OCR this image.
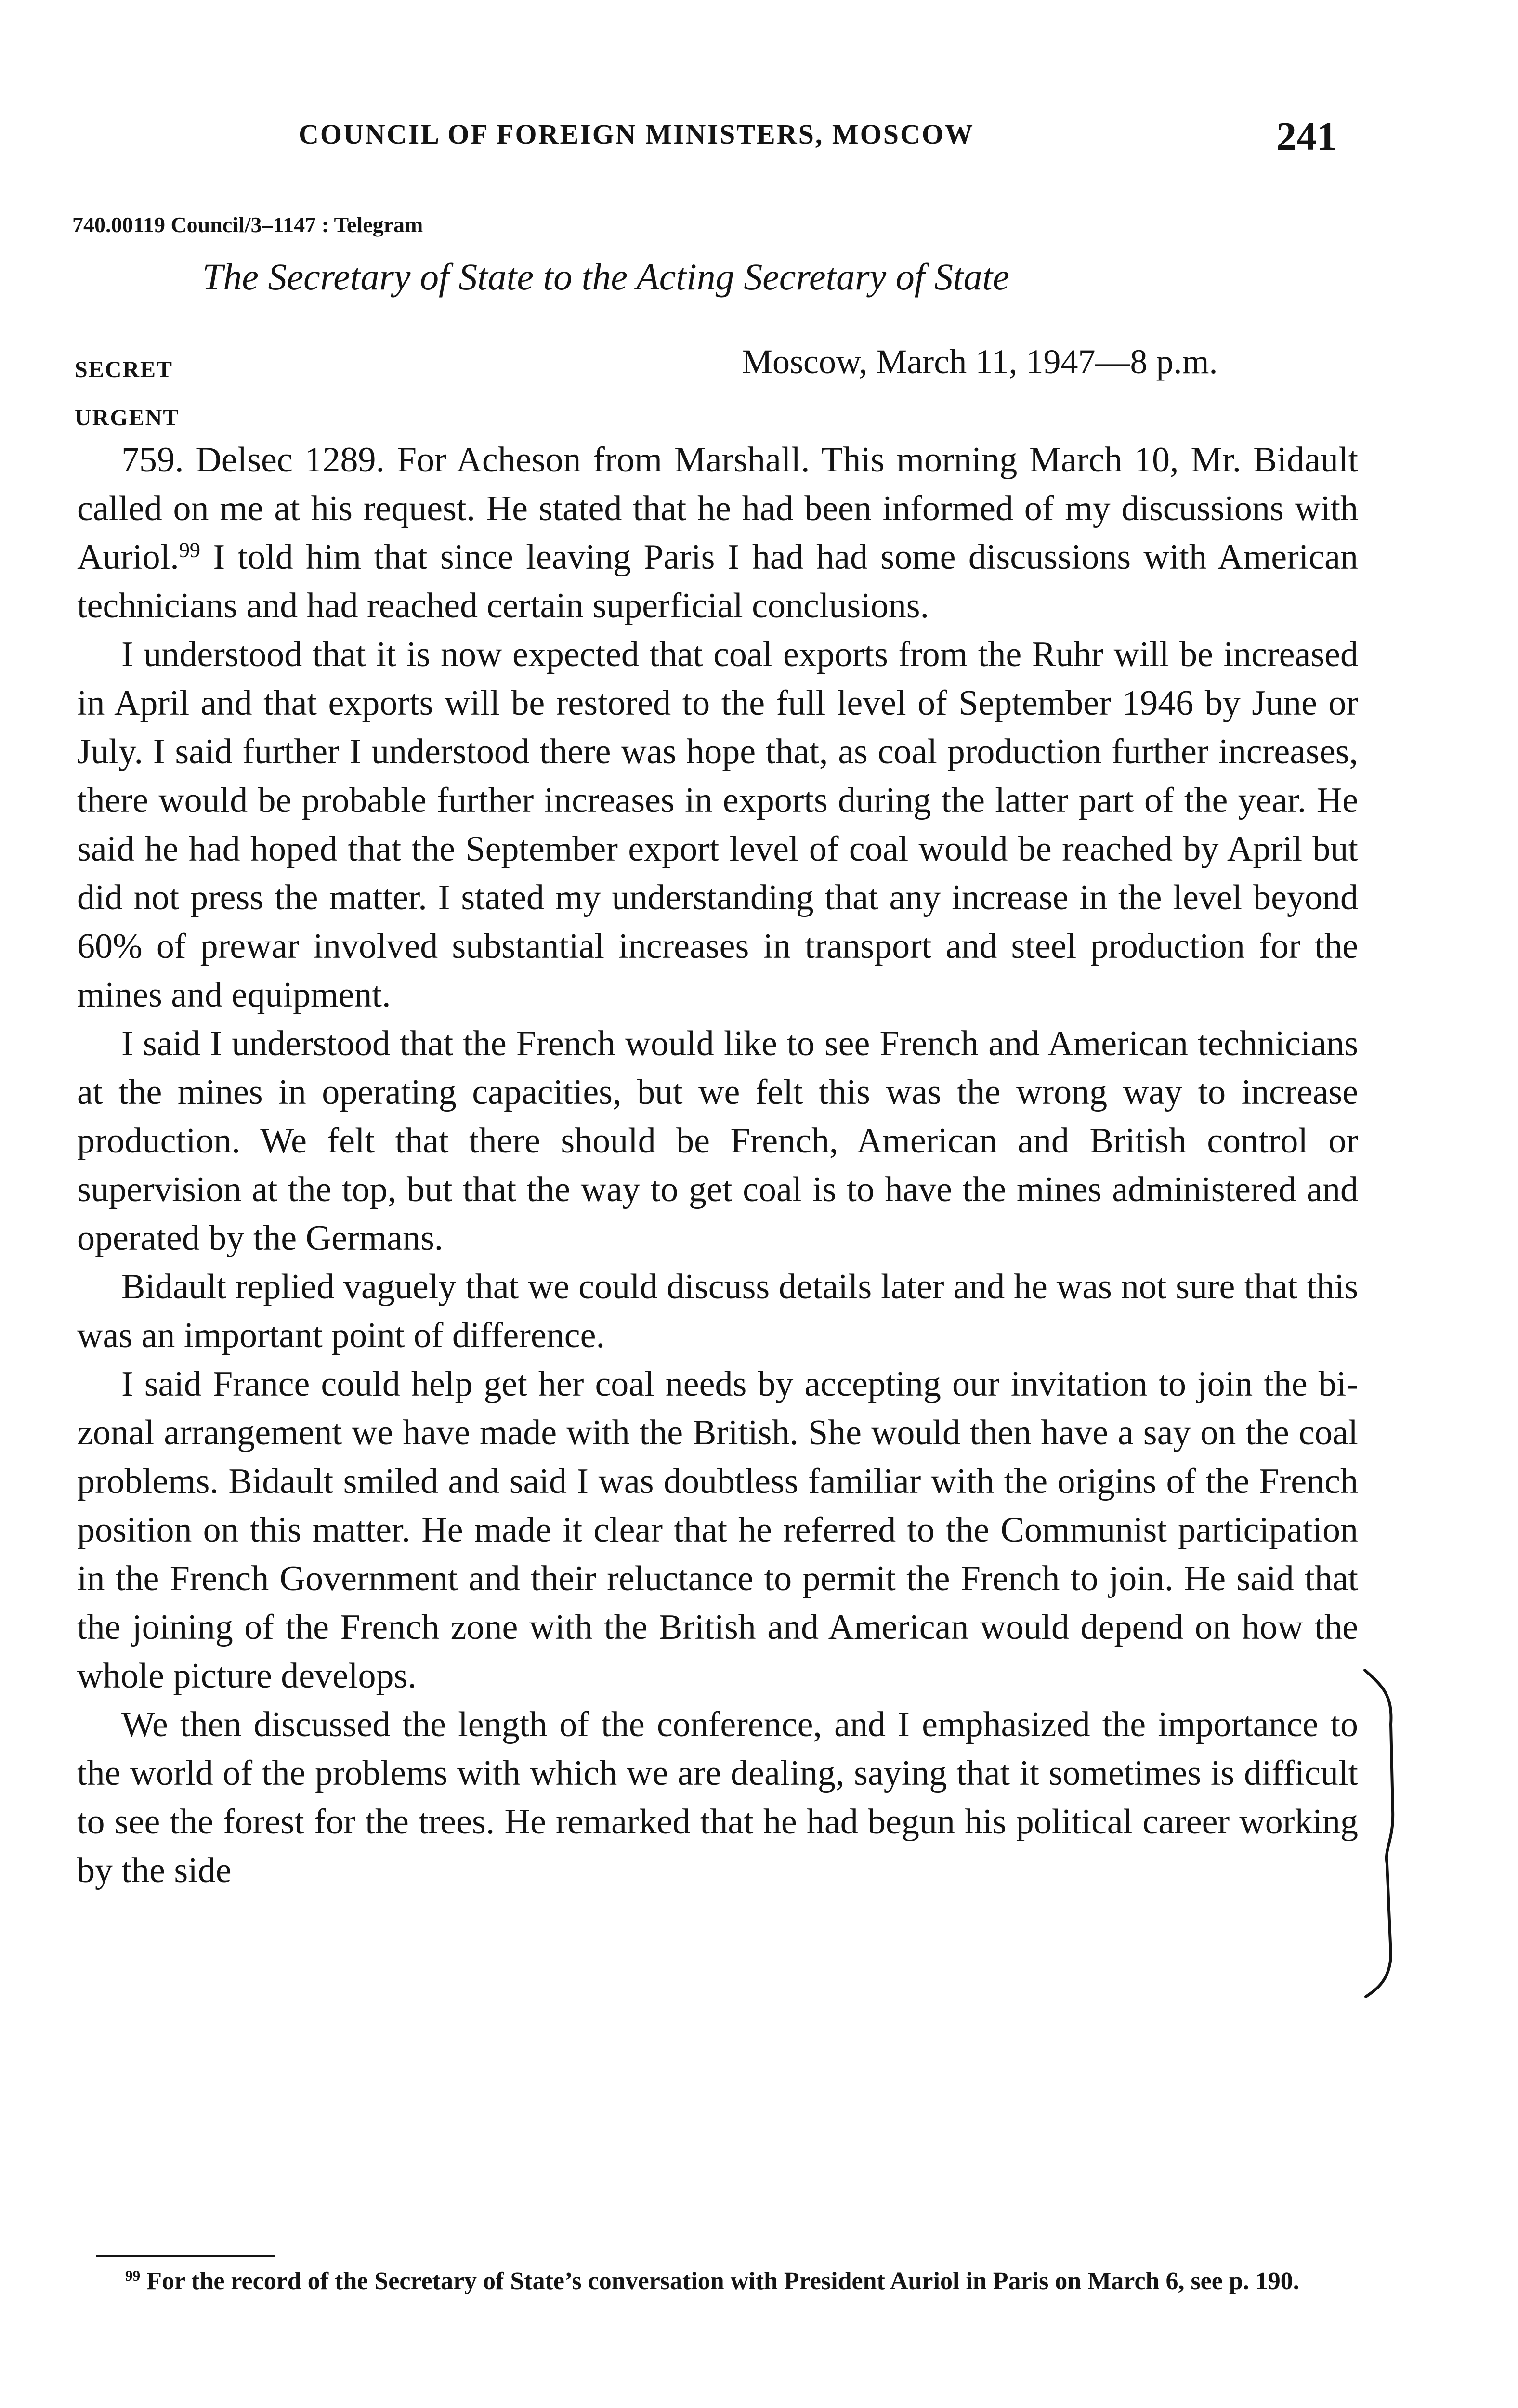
COUNCIL OF FOREIGN MINISTERS, MOSCOW	241
740.00119 Council/3–1147 : Telegram
The Secretary of State to the Acting Secretary of State
SECRET	Moscow, March 11, 1947—8 p.m.
URGENT

759. Delsec 1289. For Acheson from Marshall. This morning March 10, Mr. Bidault called on me at his request. He stated that he had been informed of my discussions with Auriol.$^{99}$ I told him that since leaving Paris I had had some discussions with American technicians and had reached certain superficial conclusions.

I understood that it is now expected that coal exports from the Ruhr will be increased in April and that exports will be restored to the full level of September 1946 by June or July. I said further I understood there was hope that, as coal production further increases, there would be probable further increases in exports during the latter part of the year. He said he had hoped that the September export level of coal would be reached by April but did not press the matter. I stated my understanding that any increase in the level beyond 60% of prewar involved substantial increases in transport and steel production for the mines and equipment.

I said I understood that the French would like to see French and American technicians at the mines in operating capacities, but we felt this was the wrong way to increase production. We felt that there should be French, American and British control or supervision at the top, but that the way to get coal is to have the mines administered and operated by the Germans.

Bidault replied vaguely that we could discuss details later and he was not sure that this was an important point of difference.

I said France could help get her coal needs by accepting our invitation to join the bi-zonal arrangement we have made with the British. She would then have a say on the coal problems. Bidault smiled and said I was doubtless familiar with the origins of the French position on this matter. He made it clear that he referred to the Communist participation in the French Government and their reluctance to permit the French to join. He said that the joining of the French zone with the British and American would depend on how the whole picture develops.

We then discussed the length of the conference, and I emphasized the importance to the world of the problems with which we are dealing, saying that it sometimes is difficult to see the forest for the trees. He remarked that he had begun his political career working by the side

$^{99}$ For the record of the Secretary of State’s conversation with President Auriol in Paris on March 6, see p. 190.
